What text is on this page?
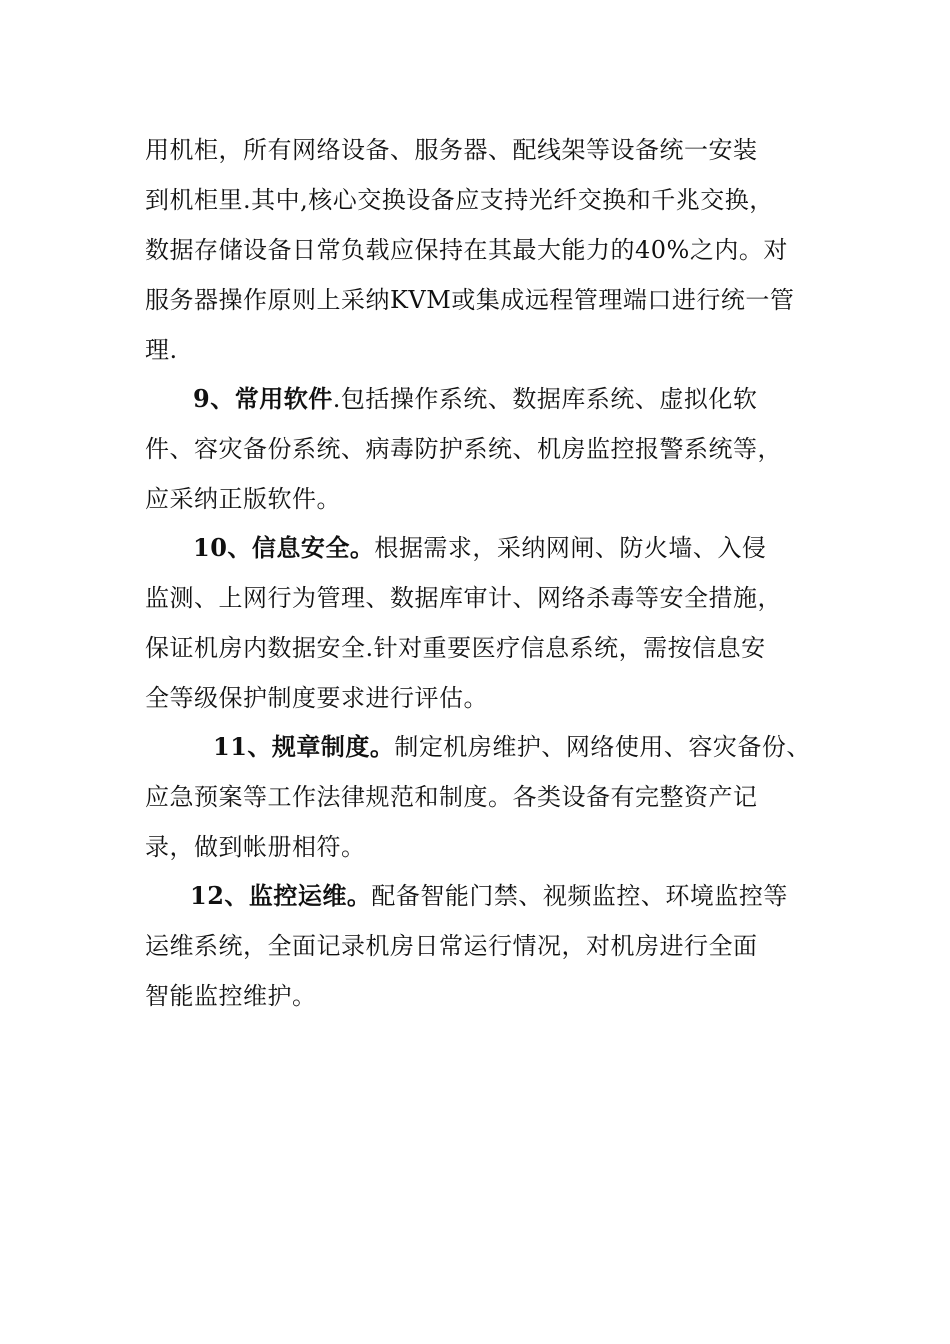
用机柜，所有网络设备、服务器、配线架等设备统一安装
到机柜里.其中,核心交换设备应支持光纤交换和千兆交换，
数据存储设备日常负载应保持在其最大能力的40%之内。对
服务器操作原则上采纳KVM或集成远程管理端口进行统一管
理.
9、常用软件.包括操作系统、数据库系统、虚拟化软
件、容灾备份系统、病毒防护系统、机房监控报警系统等，
应采纳正版软件。
10、信息安全。根据需求，采纳网闸、防火墙、入侵
监测、上网行为管理、数据库审计、网络杀毒等安全措施，
保证机房内数据安全.针对重要医疗信息系统，需按信息安
全等级保护制度要求进行评估。
11、规章制度。制定机房维护、网络使用、容灾备份、
应急预案等工作法律规范和制度。各类设备有完整资产记
录，做到帐册相符。
12、监控运维。配备智能门禁、视频监控、环境监控等
运维系统，全面记录机房日常运行情况，对机房进行全面
智能监控维护。
